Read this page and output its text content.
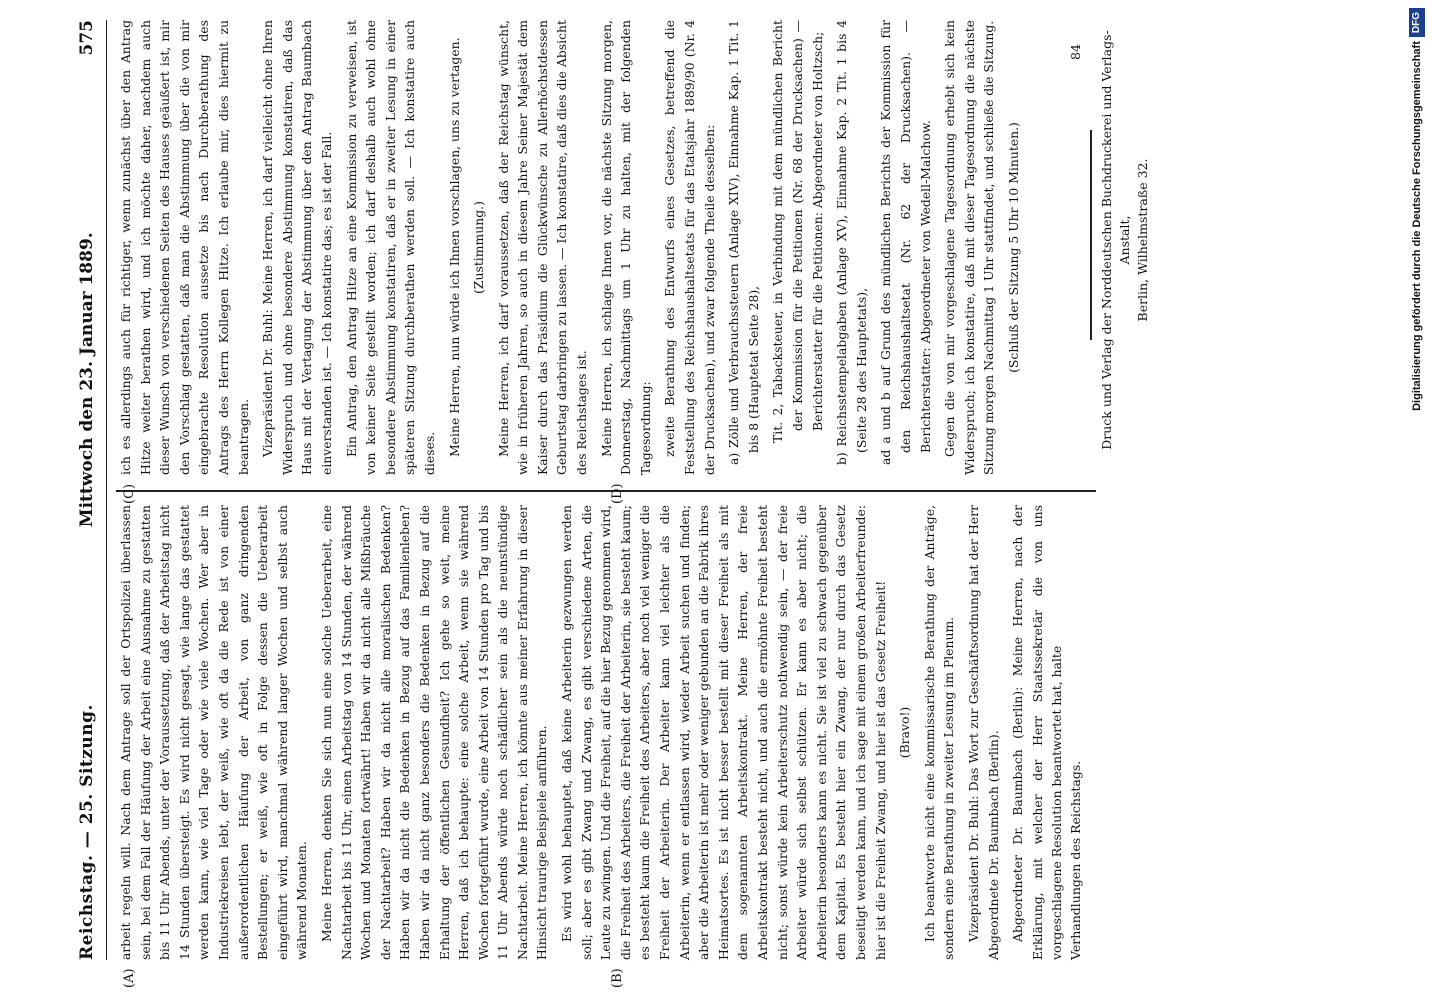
Reichstag. — 25. Sitzung.
Mittwoch den 23. Januar 1889.
575
(A)	(B)
(C)	(D)

arbeit regeln will. Nach dem Antrage soll der Ortspolizei überlassen sein, bei dem Fall der Häufung der Arbeit eine Ausnahme zu gestatten bis 11 Uhr Abends, unter der Voraussetzung, daß der Arbeitstag nicht 14 Stunden übersteigt. Es wird nicht gesagt, wie lange das gestattet werden kann, wie viel Tage oder wie viele Wochen. Wer aber in Industriekreisen lebt, der weiß, wie oft da die Rede ist von einer außerordentlichen Häufung der Arbeit, von ganz dringenden Bestellungen; er weiß, wie oft in Folge dessen die Ueberarbeit eingeführt wird, manchmal während langer Wochen und selbst auch während Monaten. Meine Herren, denken Sie sich nun eine solche Ueberarbeit, eine Nachtarbeit bis 11 Uhr, einen Arbeitstag von 14 Stunden, der während Wochen und Monaten fortwährt! Haben wir da nicht alle Mißbräuche der Nachtarbeit? Haben wir da nicht alle moralischen Bedenken? Haben wir da nicht die Bedenken in Bezug auf das Familienleben? Haben wir da nicht ganz besonders die Bedenken in Bezug auf die Erhaltung der öffentlichen Gesundheit? Ich gehe so weit, meine Herren, daß ich behaupte: eine solche Arbeit, wenn sie während Wochen fortgeführt wurde, eine Arbeit von 14 Stunden pro Tag und bis 11 Uhr Abends würde noch schädlicher sein als die neunstündige Nachtarbeit. Meine Herren, ich könnte aus meiner Erfahrung in dieser Hinsicht traurige Beispiele anführen. Es wird wohl behauptet, daß keine Arbeiterin gezwungen werden soll; aber es gibt Zwang und Zwang, es gibt verschiedene Arten, die Leute zu zwingen. Und die Freiheit, auf die hier Bezug genommen wird, die Freiheit des Arbeiters, die Freiheit der Arbeiterin, sie besteht kaum; es besteht kaum die Freiheit des Arbeiters, aber noch viel weniger die Freiheit der Arbeiterin. Der Arbeiter kann viel leichter als die Arbeiterin, wenn er entlassen wird, wieder Arbeit suchen und finden; aber die Arbeiterin ist mehr oder weniger gebunden an die Fabrik ihres Heimatsortes. Es ist nicht besser bestellt mit dieser Freiheit als mit dem sogenannten Arbeitskontrakt. Meine Herren, der freie Arbeitskontrakt besteht nicht, und auch die ermöhnte Freiheit besteht nicht; sonst würde kein Arbeiterschutz nothwendig sein, — der freie Arbeiter würde sich selbst schützen. Er kann es aber nicht; die Arbeiterin besonders kann es nicht. Sie ist viel zu schwach gegenüber dem Kapital. Es besteht hier ein Zwang, der nur durch das Gesetz beseitigt werden kann, und ich sage mit einem großen Arbeiterfreunde: hier ist die Freiheit Zwang, und hier ist das Gesetz Freiheit! (Bravo!) Ich beantworte nicht eine kommissarische Berathung der Anträge, sondern eine Berathung in zweiter Lesung im Plenum. Vizepräsident Dr. Buhl: Das Wort zur Geschäftsordnung hat der Herr Abgeordnete Dr. Baumbach (Berlin). Abgeordneter Dr. Baumbach (Berlin): Meine Herren, nach der Erklärung, mit welcher der Herr Staatssekretär die von uns vorgeschlagene Resolution beantwortet hat, halte

ich es allerdings auch für richtiger, wenn zunächst über den Antrag Hitze weiter berathen wird, und ich möchte daher, nachdem auch dieser Wunsch von verschiedenen Seiten des Hauses geäußert ist, mir den Vorschlag gestatten, daß man die Abstimmung über die von mir eingebrachte Resolution aussetze bis nach Durchberathung des Antrags des Herrn Kollegen Hitze. Ich erlaube mir, dies hiermit zu beantragen. Vizepräsident Dr. Buhl: Meine Herren, ich darf vielleicht ohne Ihren Widerspruch und ohne besondere Abstimmung konstatiren, daß das Haus mit der Vertagung der Abstimmung über den Antrag Baumbach einverstanden ist. — Ich konstatire das; es ist der Fall. Ein Antrag, den Antrag Hitze an eine Kommission zu verweisen, ist von keiner Seite gestellt worden; ich darf deshalb auch wohl ohne besondere Abstimmung konstatiren, daß er in zweiter Lesung in einer späteren Sitzung durchberathen werden soll. — Ich konstatire auch dieses. Meine Herren, nun würde ich Ihnen vorschlagen, uns zu vertagen. (Zustimmung.) Meine Herren, ich darf voraussetzen, daß der Reichstag wünscht, wie in früheren Jahren, so auch in diesem Jahre Seiner Majestät dem Kaiser durch das Präsidium die Glückwünsche zu Allerhöchstdessen Geburtstag darbringen zu lassen. — Ich konstatire, daß dies die Absicht des Reichstages ist. Meine Herren, ich schlage Ihnen vor, die nächste Sitzung morgen, Donnerstag, Nachmittags um 1 Uhr zu halten, mit der folgenden Tagesordnung: zweite Berathung des Entwurfs eines Gesetzes, betreffend die Feststellung des Reichshaushaltsetats für das Etatsjahr 1889/90 (Nr. 4 der Drucksachen), und zwar folgende Theile desselben: a) Zölle und Verbrauchssteuern (Anlage XIV), Einnahme Kap. 1 Tit. 1 bis 8 (Hauptetat Seite 28), Tit. 2, Tabacksteuer, in Verbindung mit dem mündlichen Bericht der Kommission für die Petitionen (Nr. 68 der Drucksachen) — Berichterstatter für die Petitionen: Abgeordneter von Holtzsch; b) Reichsstempelabgaben (Anlage XV), Einnahme Kap. 2 Tit. 1 bis 4 (Seite 28 des Hauptetats), ad a und b auf Grund des mündlichen Berichts der Kommission für den Reichshaushaltsetat (Nr. 62 der Drucksachen). — Berichterstatter: Abgeordneter von Wedell-Malchow. Gegen die von mir vorgeschlagene Tagesordnung erhebt sich kein Widerspruch; ich konstatire, daß mit dieser Tagesordnung die nächste Sitzung morgen Nachmittag 1 Uhr stattfindet, und schließe die Sitzung. (Schluß der Sitzung 5 Uhr 10 Minuten.)

Verhandlungen des Reichstags.
Druck und Verlag der Norddeutschen Buchdruckerei und Verlags-Anstalt, Berlin, Wilhelmstraße 32.
84	Digitalisierung gefördert durch die Deutsche Forschungsgemeinschaft
DFG
